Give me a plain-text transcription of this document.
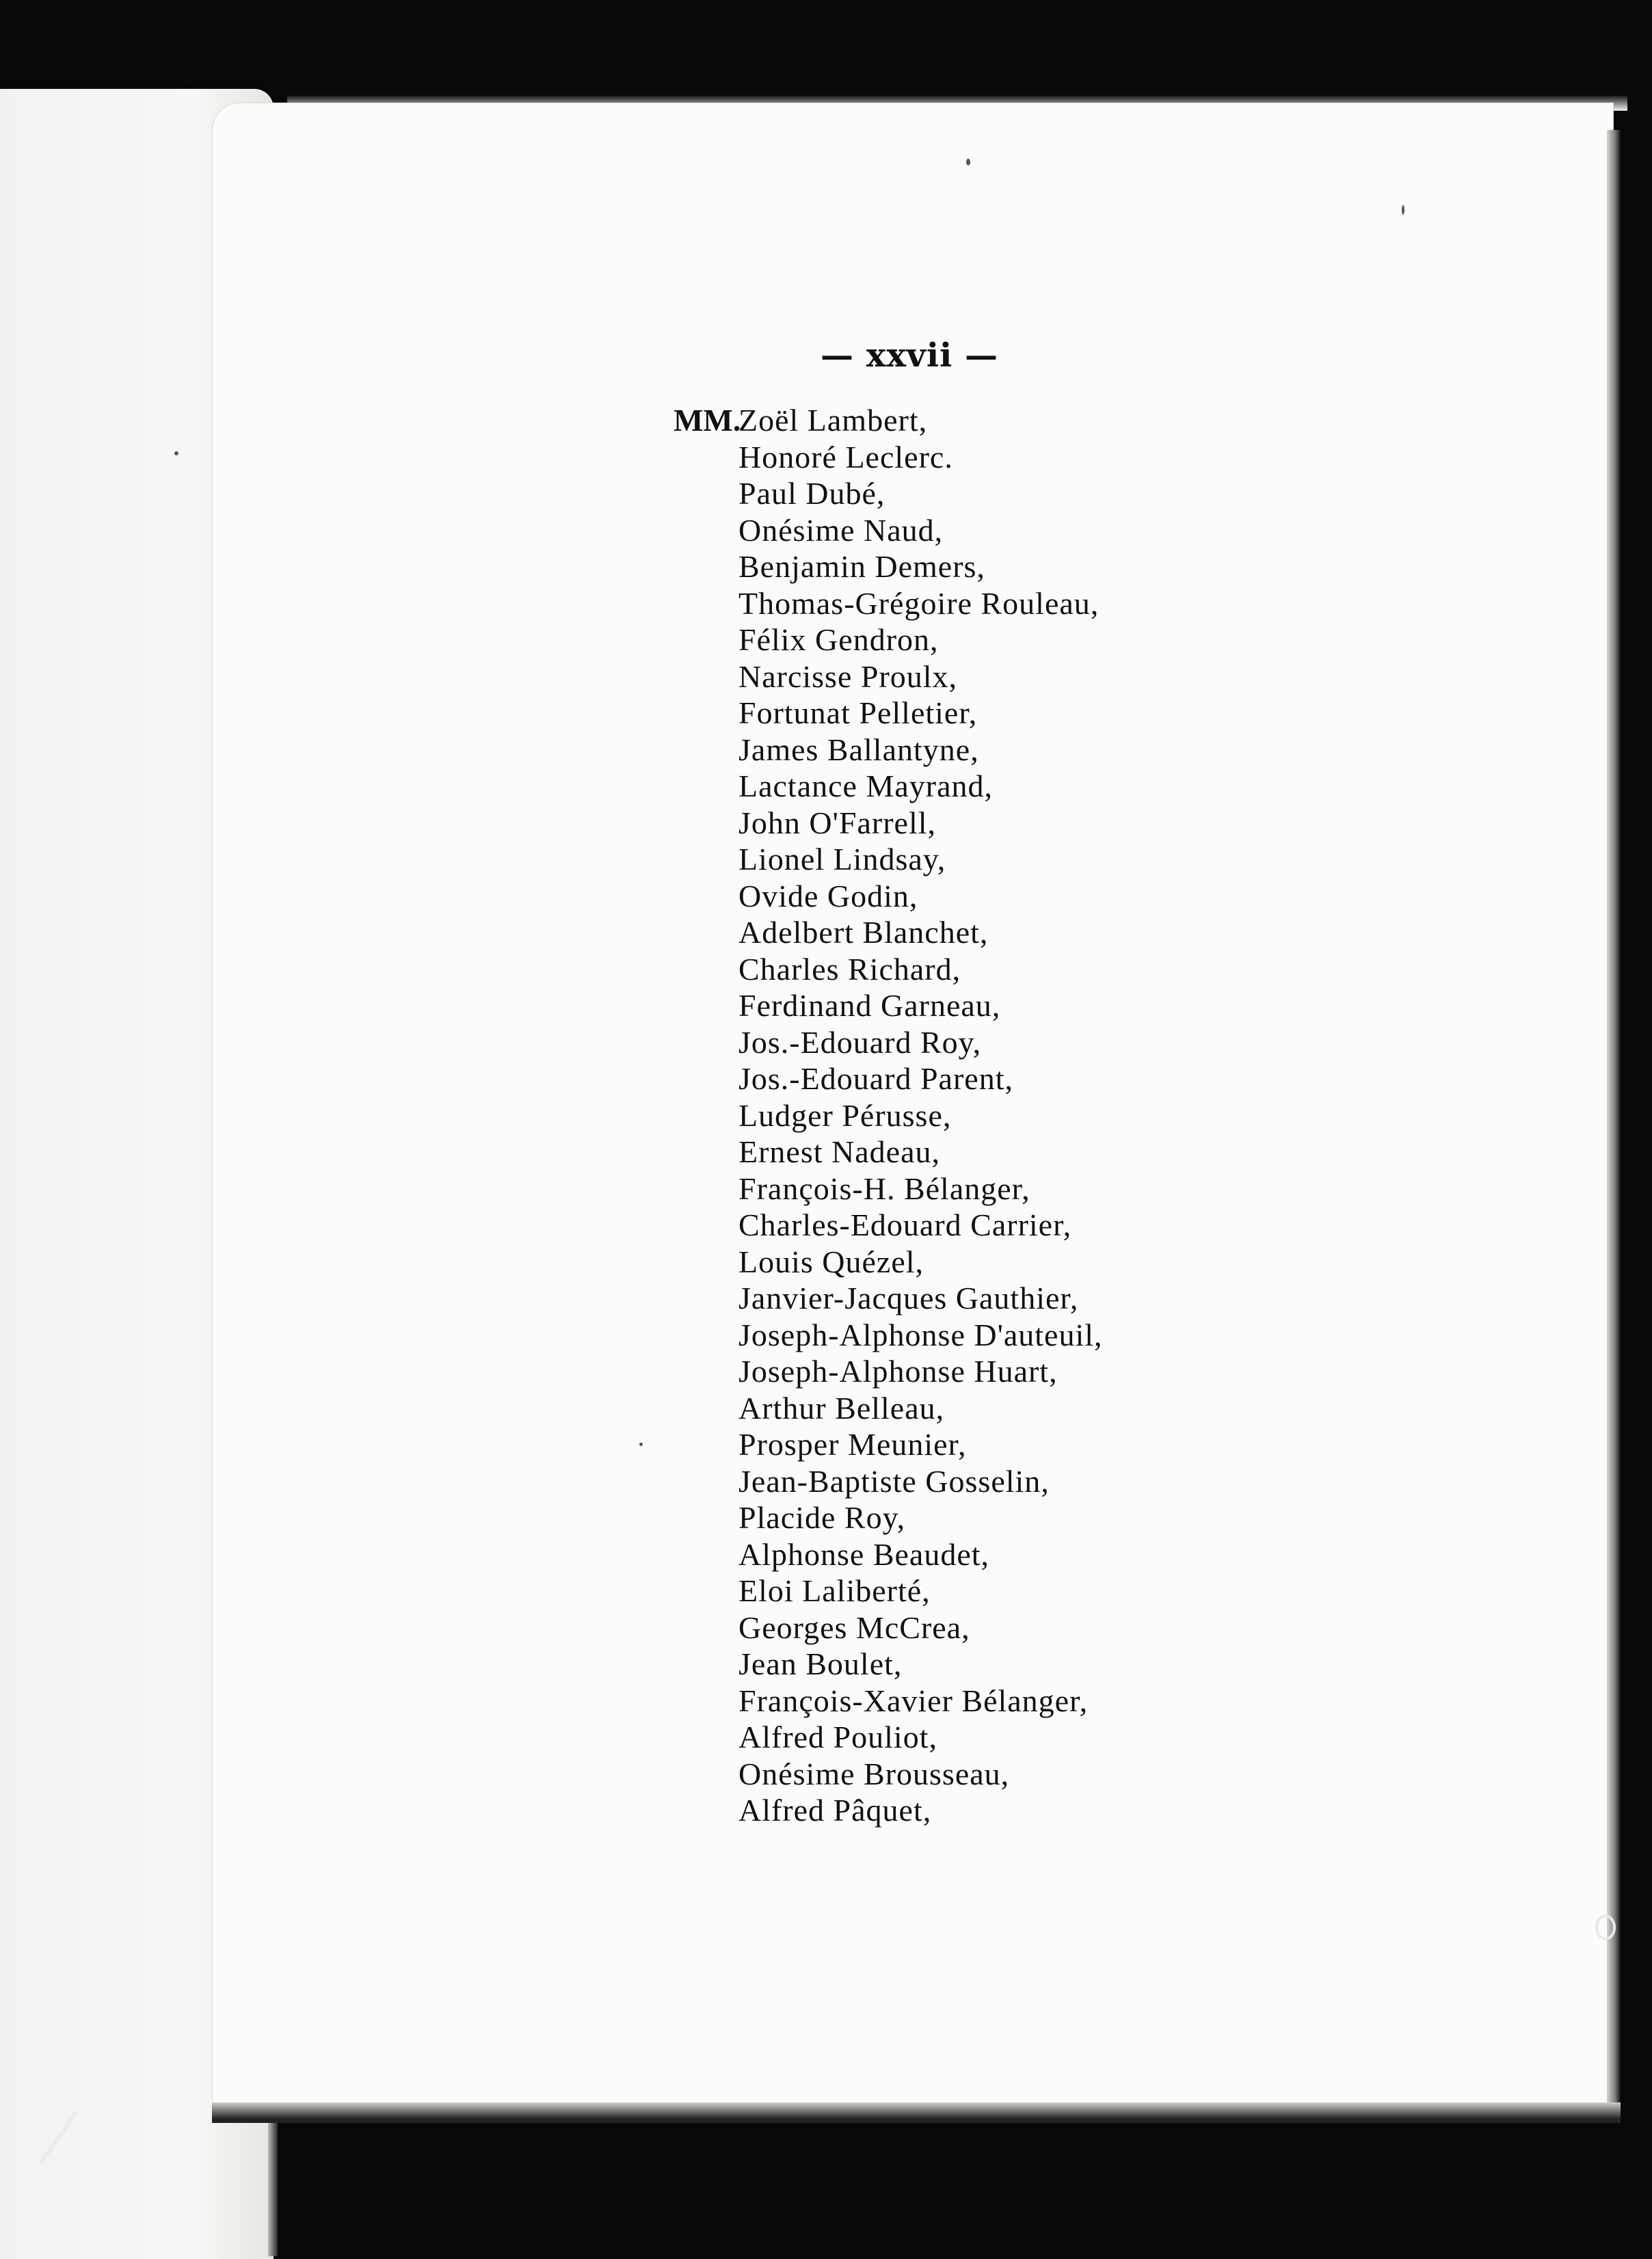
— xxvii —
MM.
Zoël Lambert,
Honoré Leclerc.
Paul Dubé,
Onésime Naud,
Benjamin Demers,
Thomas-Grégoire Rouleau,
Félix Gendron,
Narcisse Proulx,
Fortunat Pelletier,
James Ballantyne,
Lactance Mayrand,
John O'Farrell,
Lionel Lindsay,
Ovide Godin,
Adelbert Blanchet,
Charles Richard,
Ferdinand Garneau,
Jos.-Edouard Roy,
Jos.-Edouard Parent,
Ludger Pérusse,
Ernest Nadeau,
François-H. Bélanger,
Charles-Edouard Carrier,
Louis Quézel,
Janvier-Jacques Gauthier,
Joseph-Alphonse D'auteuil,
Joseph-Alphonse Huart,
Arthur Belleau,
Prosper Meunier,
Jean-Baptiste Gosselin,
Placide Roy,
Alphonse Beaudet,
Eloi Laliberté,
Georges McCrea,
Jean Boulet,
François-Xavier Bélanger,
Alfred Pouliot,
Onésime Brousseau,
Alfred Pâquet,
